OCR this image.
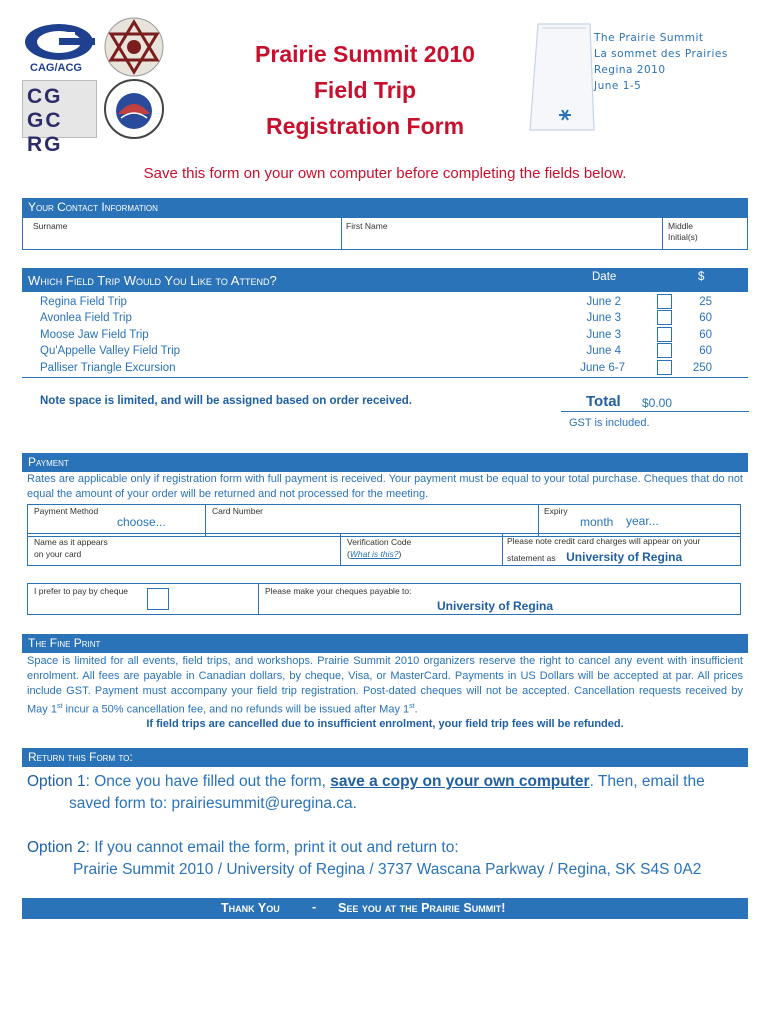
CAG/ACG
CG GC RG
Prairie Summit 2010
Field Trip
Registration Form
The Prairie Summit
La sommet des Prairies
Regina 2010
June 1-5
Save this form on your own computer before completing the fields below.
Your Contact Information
Surname	First Name	Middle
Initial(s)
Which Field Trip Would You Like to Attend?	Date	$
Regina Field Trip	June 2	25
Avonlea Field Trip	June 3	60
Moose Jaw Field Trip	June 3	60
Qu'Appelle Valley Field Trip	June 4	60
Palliser Triangle Excursion	June 6-7	250
Note space is limited, and will be assigned based on order received.	Total $0.00
GST is included.
Payment
Rates are applicable only if registration form with full payment is received. Your payment must be equal to your total purchase. Cheques that do not equal the amount of your order will be returned and not processed for the meeting.
Payment Method
choose...
Card Number	Expiry
month year...
Name as it appears
on your card
Verification Code
(What is this?)
Please note credit card charges will appear on your
statement as University of Regina
I prefer to pay by cheque	Please make your cheques payable to:
University of Regina
The Fine Print
Space is limited for all events, field trips, and workshops. Prairie Summit 2010 organizers reserve the right to cancel any event with insufficient enrolment. All fees are payable in Canadian dollars, by cheque, Visa, or MasterCard. Payments in US Dollars will be accepted at par. All prices include GST. Payment must accompany your field trip registration. Post-dated cheques will not be accepted. Cancellation requests received by May 1st incur a 50% cancellation fee, and no refunds will be issued after May 1st.
If field trips are cancelled due to insufficient enrolment, your field trip fees will be refunded.
Return this Form to:
Option 1: Once you have filled out the form, save a copy on your own computer. Then, email the
saved form to: prairiesummit@uregina.ca.
Option 2: If you cannot email the form, print it out and return to:
Prairie Summit 2010 / University of Regina / 3737 Wascana Parkway / Regina, SK S4S 0A2
Thank You	- See you at the Prairie Summit!
